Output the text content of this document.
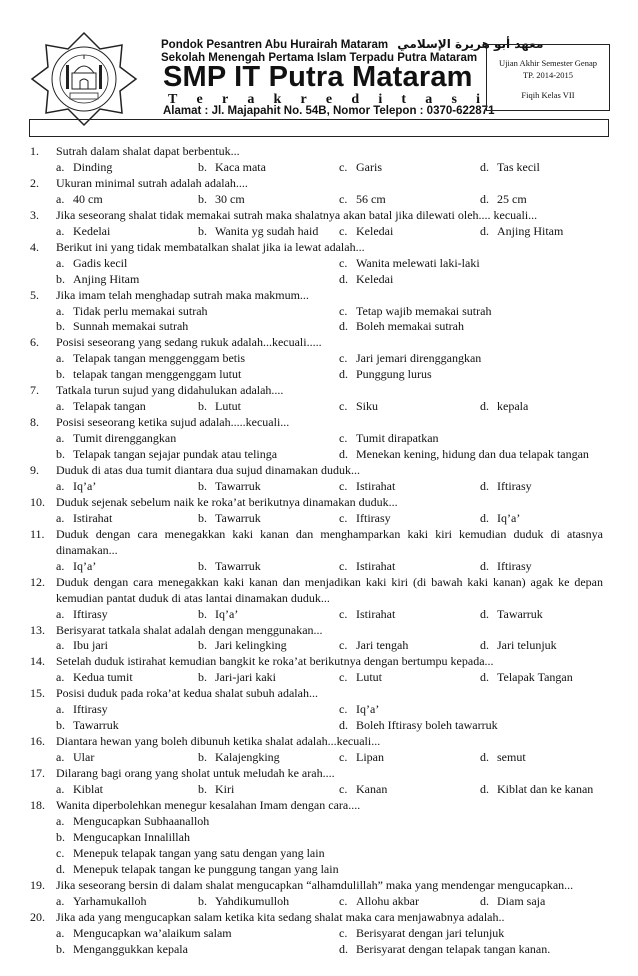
Pondok Pesantren Abu Hurairah Mataram معهد أبو هريرة الإسلامي
Sekolah Menengah Pertama Islam Terpadu Putra Mataram
SMP IT Putra Mataram
T e r a k r e d i t a s i
Alamat : Jl. Majapahit No. 54B, Nomor Telepon : 0370-622871
Ujian Akhir Semester Genap
TP. 2014-2015
Fiqih Kelas VII
1.	Sutrah dalam shalat dapat berbentuk...
a. Dinding	b. Kaca mata	c. Garis	d. Tas kecil
2.	Ukuran minimal sutrah adalah adalah....
a. 40 cm	b. 30 cm	c. 56 cm	d. 25 cm
3.	Jika seseorang shalat tidak memakai sutrah maka shalatnya akan batal jika dilewati oleh.... kecuali...
a. Kedelai	b. Wanita yg sudah haid c. Keledai	d. Anjing Hitam
4.	Berikut ini yang tidak membatalkan shalat jika ia lewat adalah...
a. Gadis kecil	c. Wanita melewati laki-laki
b. Anjing Hitam	d. Keledai
5.	Jika imam telah menghadap sutrah maka makmum...
a. Tidak perlu memakai sutrah	c. Tetap wajib memakai sutrah
b. Sunnah memakai sutrah	d. Boleh memakai sutrah
6.	Posisi seseorang yang sedang rukuk adalah...kecuali.....
a. Telapak tangan menggenggam betis	c. Jari jemari direnggangkan
b. telapak tangan menggenggam lutut	d. Punggung lurus
7.	Tatkala turun sujud yang didahulukan adalah....
a. Telapak tangan	b. Lutut	c. Siku	d. kepala
8.	Posisi seseorang ketika sujud adalah.....kecuali...
a. Tumit direnggangkan	c. Tumit dirapatkan
b. Telapak tangan sejajar pundak atau telinga	d. Menekan kening, hidung dan dua telapak tangan
9.	Duduk di atas dua tumit diantara dua sujud dinamakan duduk...
a. Iq’a’	b. Tawarruk	c. Istirahat	d. Iftirasy
10. Duduk sejenak sebelum naik ke roka’at berikutnya dinamakan duduk...
a. Istirahat	b. Tawarruk	c. Iftirasy	d. Iq’a’
11. Duduk dengan cara menegakkan kaki kanan dan menghamparkan kaki kiri kemudian duduk di atasnya
dinamakan...
a. Iq’a’	b. Tawarruk	c. Istirahat	d. Iftirasy
12. Duduk dengan cara menegakkan kaki kanan dan menjadikan kaki kiri (di bawah kaki kanan) agak ke depan
kemudian pantat duduk di atas lantai dinamakan duduk...
a. Iftirasy	b. Iq’a’	c. Istirahat	d. Tawarruk
13. Berisyarat tatkala shalat adalah dengan menggunakan...
a. Ibu jari	b. Jari kelingking	c. Jari tengah	d. Jari telunjuk
14. Setelah duduk istirahat kemudian bangkit ke roka’at berikutnya dengan bertumpu kepada...
a. Kedua tumit	b. Jari-jari kaki	c. Lutut	d. Telapak Tangan
15. Posisi duduk pada roka’at kedua shalat subuh adalah...
a. Iftirasy	c. Iq’a’
b. Tawarruk	d. Boleh Iftirasy boleh tawarruk
16. Diantara hewan yang boleh dibunuh ketika shalat adalah...kecuali...
a. Ular	b. Kalajengking	c. Lipan	d. semut
17. Dilarang bagi orang yang sholat untuk meludah ke arah....
a. Kiblat	b. Kiri	c. Kanan	d. Kiblat dan ke kanan
18. Wanita diperbolehkan menegur kesalahan Imam dengan cara....
a. Mengucapkan Subhaanalloh
b. Mengucapkan Innalillah
c. Menepuk telapak tangan yang satu dengan yang lain
d. Menepuk telapak tangan ke punggung tangan yang lain
19. Jika seseorang bersin di dalam shalat mengucapkan “alhamdulillah” maka yang mendengar mengucapkan...
a. Yarhamukalloh	b. Yahdikumulloh	c. Allohu akbar	d. Diam saja
20. Jika ada yang mengucapkan salam ketika kita sedang shalat maka cara menjawabnya adalah..
a. Mengucapkan wa’alaikum salam	c. Berisyarat dengan jari telunjuk
b. Menganggukkan kepala	d. Berisyarat dengan telapak tangan kanan.
